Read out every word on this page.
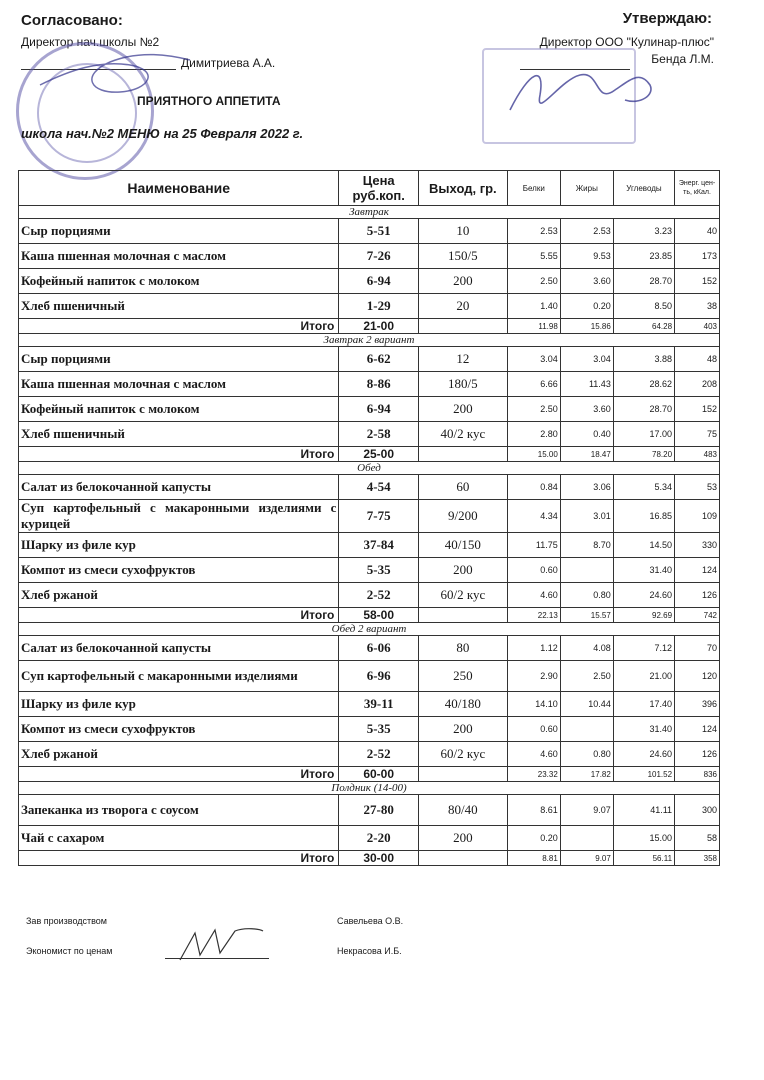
Согласовано:
Директор нач.школы №2
Димитриева А.А.
Утверждаю:
Директор ООО "Кулинар-плюс"
Бенда Л.М.
ПРИЯТНОГО АППЕТИТА
школа нач.№2 МЕНЮ на 25 Февраля 2022 г.
Наименование	Цена руб.коп.	Выход, гр.	Белки	Жиры	Углеводы	Энерг. цен-ть, кКал.
Завтрак						
Сыр порциями	5-51	10	2.53	2.53	3.23	40
Каша пшенная молочная с маслом	7-26	150/5	5.55	9.53	23.85	173
Кофейный напиток с молоком	6-94	200	2.50	3.60	28.70	152
Хлеб пшеничный	1-29	20	1.40	0.20	8.50	38
Итого	21-00		11.98	15.86	64.28	403
Завтрак 2 вариант						
Сыр порциями	6-62	12	3.04	3.04	3.88	48
Каша пшенная молочная с маслом	8-86	180/5	6.66	11.43	28.62	208
Кофейный напиток с молоком	6-94	200	2.50	3.60	28.70	152
Хлеб пшеничный	2-58	40/2 кус	2.80	0.40	17.00	75
Итого	25-00		15.00	18.47	78.20	483
Обед						
Салат из белокочанной капусты	4-54	60	0.84	3.06	5.34	53
Суп картофельный с макаронными изделиями с курицей	7-75	9/200	4.34	3.01	16.85	109
Шарку из филе кур	37-84	40/150	11.75	8.70	14.50	330
Компот из смеси сухофруктов	5-35	200	0.60		31.40	124
Хлеб ржаной	2-52	60/2 кус	4.60	0.80	24.60	126
Итого	58-00		22.13	15.57	92.69	742
Обед 2 вариант						
Салат из белокочанной капусты	6-06	80	1.12	4.08	7.12	70
Суп картофельный с макаронными изделиями	6-96	250	2.90	2.50	21.00	120
Шарку из филе кур	39-11	40/180	14.10	10.44	17.40	396
Компот из смеси сухофруктов	5-35	200	0.60		31.40	124
Хлеб ржаной	2-52	60/2 кус	4.60	0.80	24.60	126
Итого	60-00		23.32	17.82	101.52	836
Полдник (14-00)						
Запеканка из творога с соусом	27-80	80/40	8.61	9.07	41.11	300
Чай с сахаром	2-20	200	0.20		15.00	58
Итого	30-00		8.81	9.07	56.11	358
Зав производством	Савельева О.В.
Экономист по ценам	Некрасова И.Б.
